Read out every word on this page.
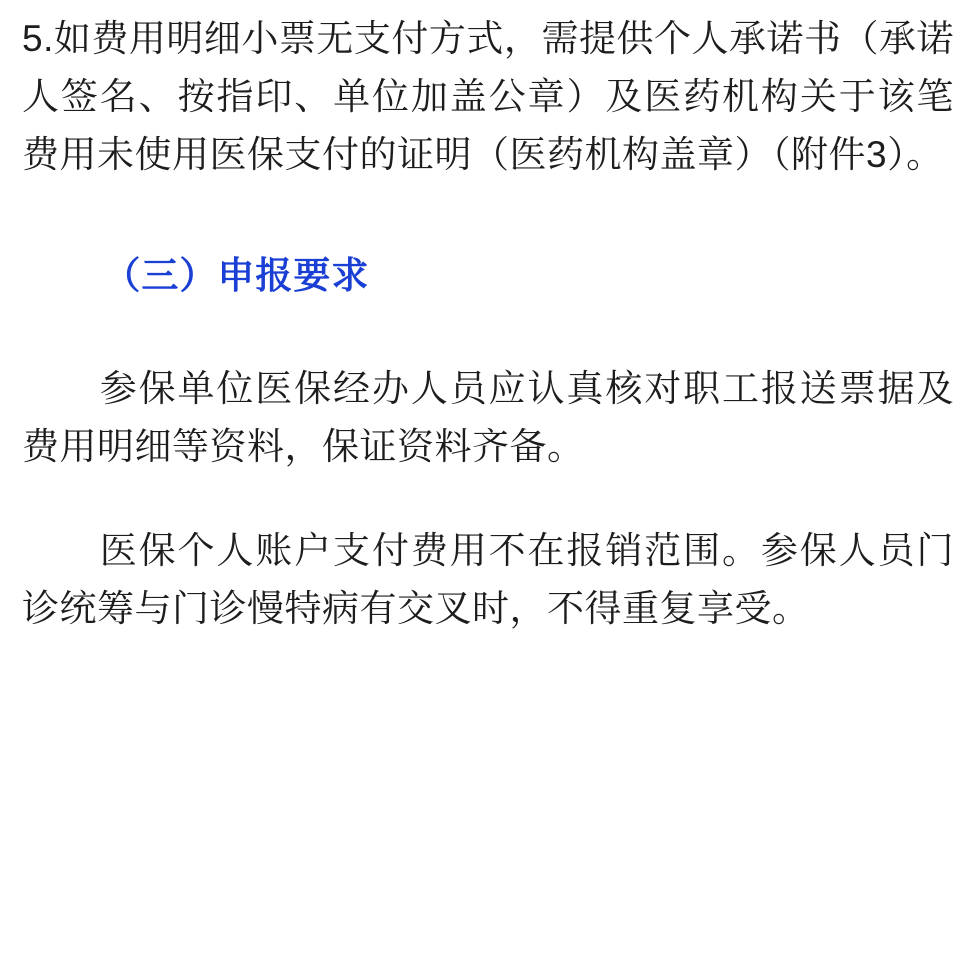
5.如费用明细小票无支付方式，需提供个人承诺书（承诺人签名、按指印、单位加盖公章）及医药机构关于该笔费用未使用医保支付的证明（医药机构盖章）（附件3）。

（三）申报要求

参保单位医保经办人员应认真核对职工报送票据及费用明细等资料，保证资料齐备。

医保个人账户支付费用不在报销范围。参保人员门诊统筹与门诊慢特病有交叉时，不得重复享受。
